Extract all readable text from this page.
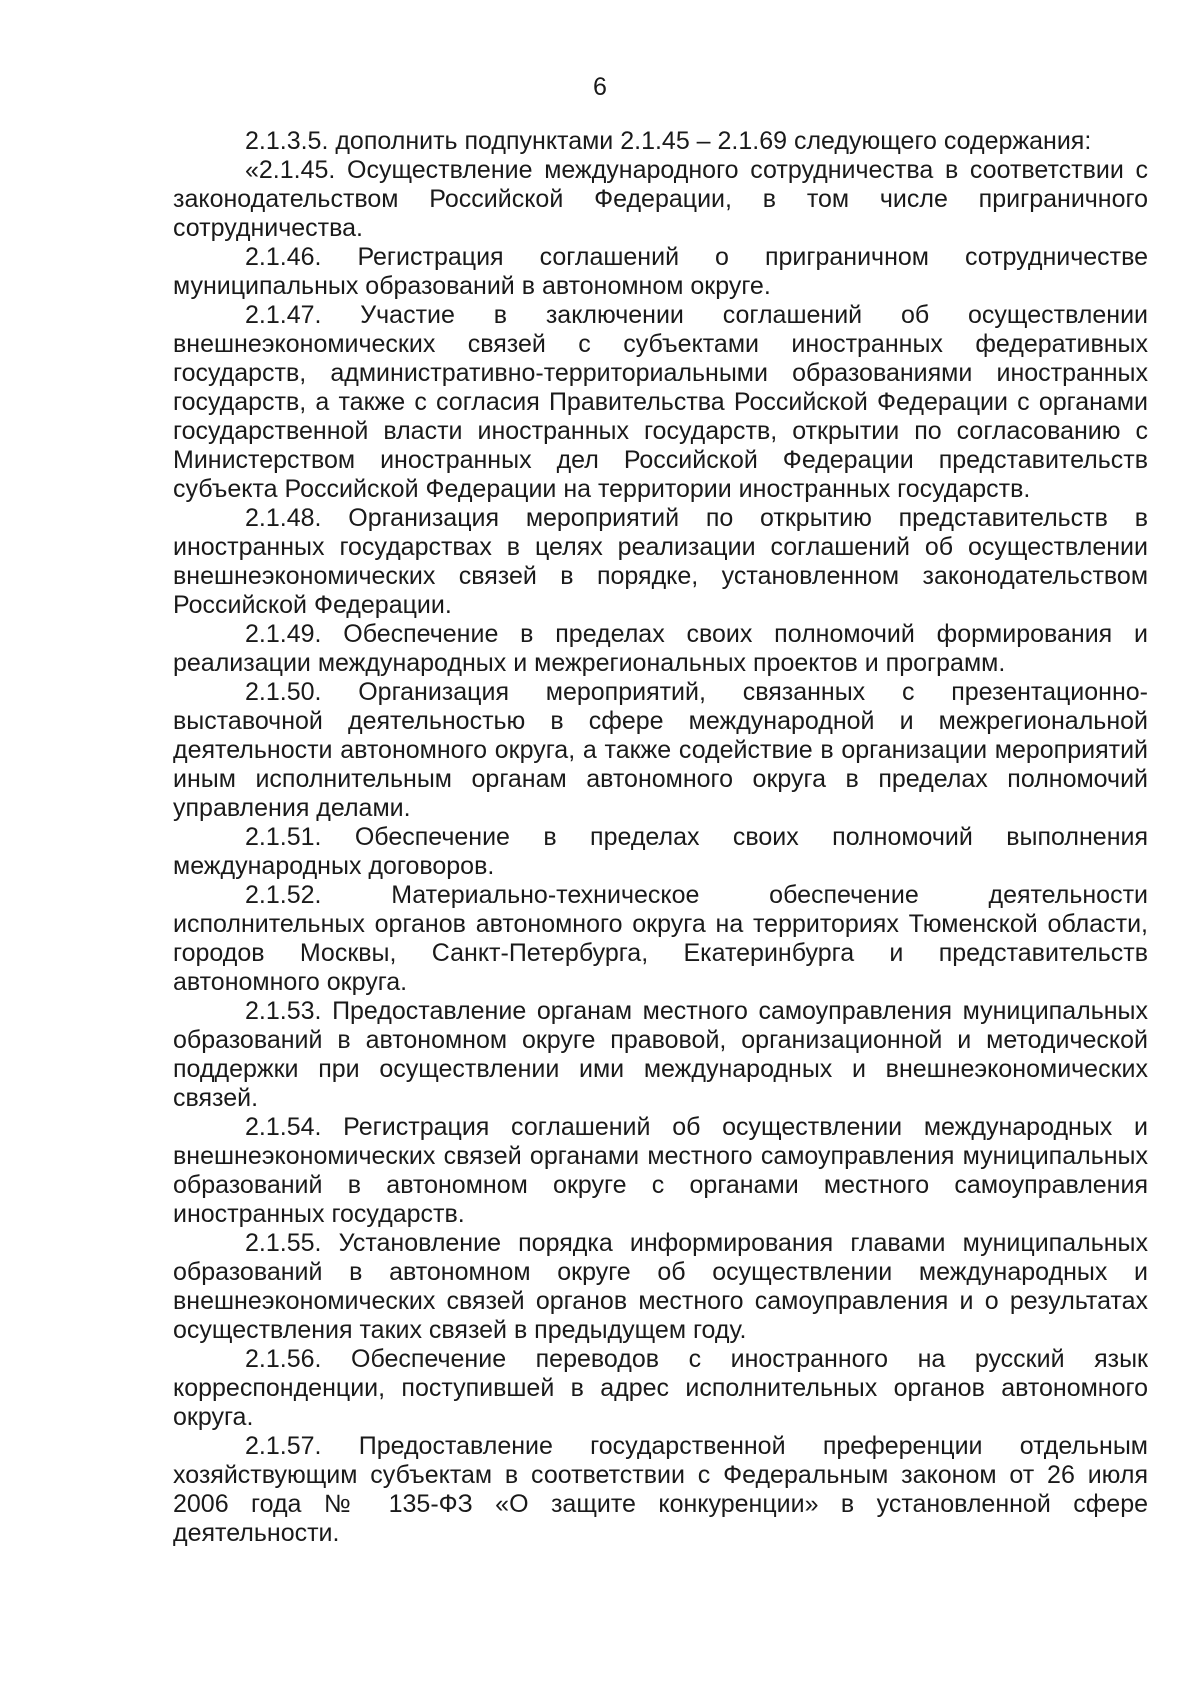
6

2.1.3.5. дополнить подпунктами 2.1.45 – 2.1.69 следующего содержания:

«2.1.45. Осуществление международного сотрудничества в соответствии с законодательством Российской Федерации, в том числе приграничного сотрудничества.

2.1.46. Регистрация соглашений о приграничном сотрудничестве муниципальных образований в автономном округе.

2.1.47. Участие в заключении соглашений об осуществлении внешнеэкономических связей с субъектами иностранных федеративных государств, административно-территориальными образованиями иностранных государств, а также с согласия Правительства Российской Федерации с органами государственной власти иностранных государств, открытии по согласованию с Министерством иностранных дел Российской Федерации представительств субъекта Российской Федерации на территории иностранных государств.

2.1.48. Организация мероприятий по открытию представительств в иностранных государствах в целях реализации соглашений об осуществлении внешнеэкономических связей в порядке, установленном законодательством Российской Федерации.

2.1.49. Обеспечение в пределах своих полномочий формирования и реализации международных и межрегиональных проектов и программ.

2.1.50. Организация мероприятий, связанных с презентационно-выставочной деятельностью в сфере международной и межрегиональной деятельности автономного округа, а также содействие в организации мероприятий иным исполнительным органам автономного округа в пределах полномочий управления делами.

2.1.51. Обеспечение в пределах своих полномочий выполнения международных договоров.

2.1.52. Материально-техническое обеспечение деятельности исполнительных органов автономного округа на территориях Тюменской области, городов Москвы, Санкт-Петербурга, Екатеринбурга и представительств автономного округа.

2.1.53. Предоставление органам местного самоуправления муниципальных образований в автономном округе правовой, организационной и методической поддержки при осуществлении ими международных и внешнеэкономических связей.

2.1.54. Регистрация соглашений об осуществлении международных и внешнеэкономических связей органами местного самоуправления муниципальных образований в автономном округе с органами местного самоуправления иностранных государств.

2.1.55. Установление порядка информирования главами муниципальных образований в автономном округе об осуществлении международных и внешнеэкономических связей органов местного самоуправления и о результатах осуществления таких связей в предыдущем году.

2.1.56. Обеспечение переводов с иностранного на русский язык корреспонденции, поступившей в адрес исполнительных органов автономного округа.

2.1.57. Предоставление государственной преференции отдельным хозяйствующим субъектам в соответствии с Федеральным законом от 26 июля 2006 года № 135-ФЗ «О защите конкуренции» в установленной сфере деятельности.
